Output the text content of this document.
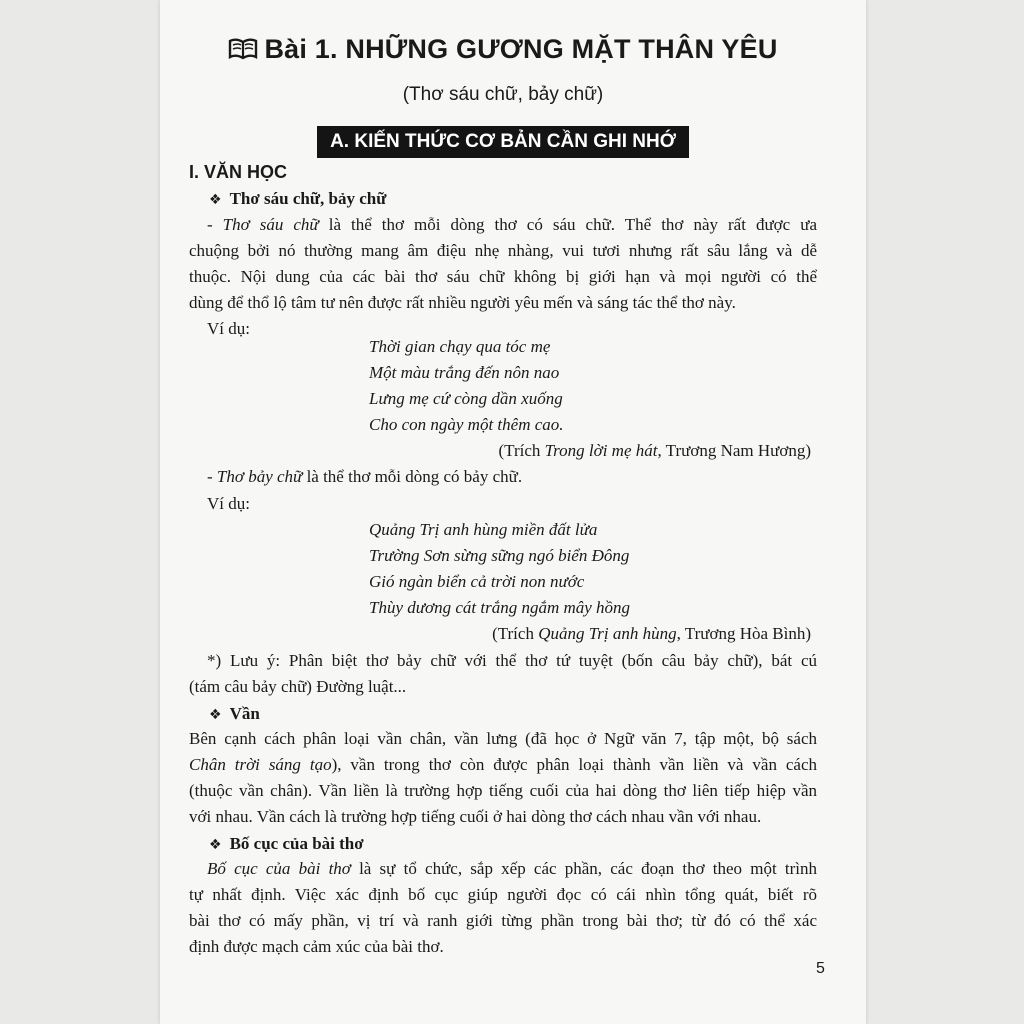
Bài 1. NHỮNG GƯƠNG MẶT THÂN YÊU
(Thơ sáu chữ, bảy chữ)
A. KIẾN THỨC CƠ BẢN CẦN GHI NHỚ
I. VĂN HỌC
❖ Thơ sáu chữ, bảy chữ
- Thơ sáu chữ là thể thơ mỗi dòng thơ có sáu chữ. Thể thơ này rất được ưa
chuộng bởi nó thường mang âm điệu nhẹ nhàng, vui tươi nhưng rất sâu lắng và dễ
thuộc. Nội dung của các bài thơ sáu chữ không bị giới hạn và mọi người có thể
dùng để thổ lộ tâm tư nên được rất nhiều người yêu mến và sáng tác thể thơ này.
Ví dụ:
Thời gian chạy qua tóc mẹ
Một màu trắng đến nôn nao
Lưng mẹ cứ còng dần xuống
Cho con ngày một thêm cao.
(Trích Trong lời mẹ hát, Trương Nam Hương)
- Thơ bảy chữ là thể thơ mỗi dòng có bảy chữ.
Ví dụ:
Quảng Trị anh hùng miền đất lửa
Trường Sơn sừng sững ngó biển Đông
Gió ngàn biển cả trời non nước
Thùy dương cát trắng ngắm mây hồng
(Trích Quảng Trị anh hùng, Trương Hòa Bình)
*) Lưu ý: Phân biệt thơ bảy chữ với thể thơ tứ tuyệt (bốn câu bảy chữ), bát cú
(tám câu bảy chữ) Đường luật...
❖ Vần
Bên cạnh cách phân loại vần chân, vần lưng (đã học ở Ngữ văn 7, tập một, bộ sách
Chân trời sáng tạo), vần trong thơ còn được phân loại thành vần liền và vần cách
(thuộc vần chân). Vần liền là trường hợp tiếng cuối của hai dòng thơ liên tiếp hiệp vần
với nhau. Vần cách là trường hợp tiếng cuối ở hai dòng thơ cách nhau vần với nhau.
❖ Bố cục của bài thơ
Bố cục của bài thơ là sự tổ chức, sắp xếp các phần, các đoạn thơ theo một trình
tự nhất định. Việc xác định bố cục giúp người đọc có cái nhìn tổng quát, biết rõ
bài thơ có mấy phần, vị trí và ranh giới từng phần trong bài thơ; từ đó có thể xác
định được mạch cảm xúc của bài thơ.
5
